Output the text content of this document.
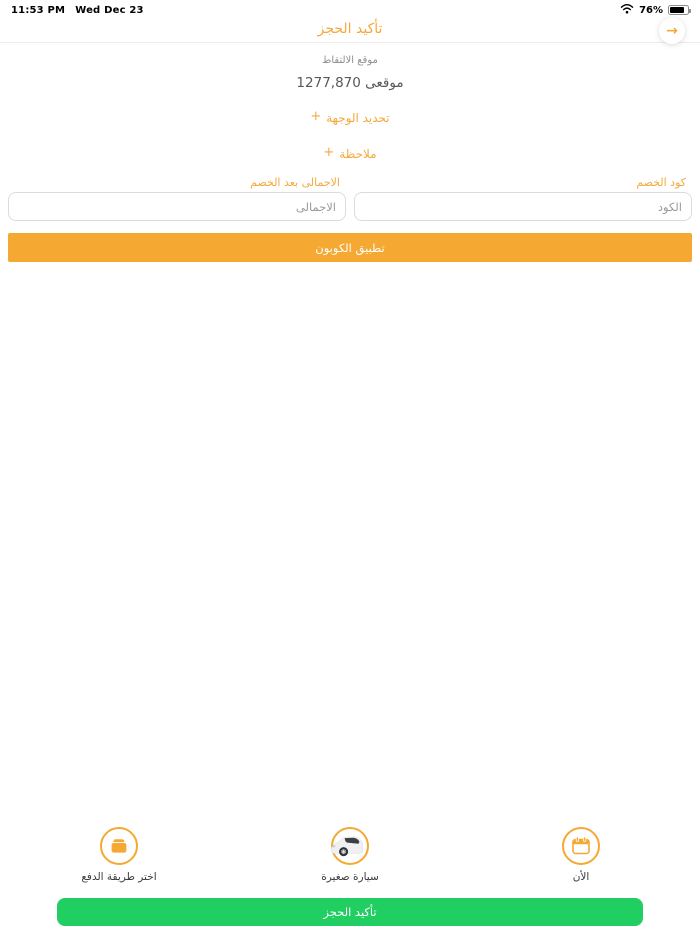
11:53 PM Wed Dec 23	76%
تأكيد الحجز	→
موقع الالتقاط
موقعى 1277,870
+ تحديد الوجهة
+ ملاحظة
كود الخصم
الكود
الاجمالى بعد الخصم
الاجمالى
تطبيق الكوبون
اختر طريقة الدفع	سيارة صغيرة	الأن
تأكيد الحجز
